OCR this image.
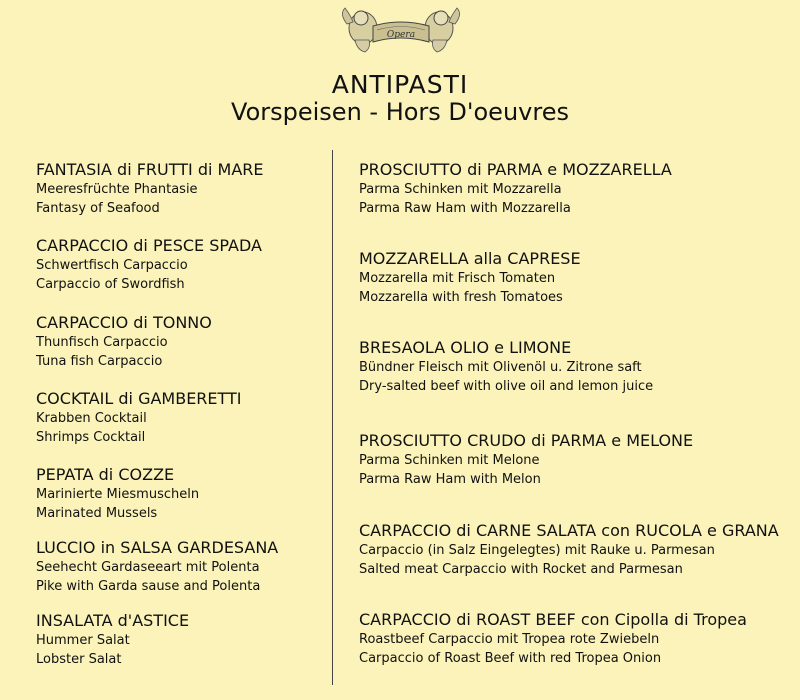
Opera
ANTIPASTI
Vorspeisen - Hors D'oeuvres
FANTASIA di FRUTTI di MARE
Meeresfrüchte Phantasie
Fantasy of Seafood
CARPACCIO di PESCE SPADA
Schwertfisch Carpaccio
Carpaccio of Swordfish
CARPACCIO di TONNO
Thunfisch Carpaccio
Tuna fish Carpaccio
COCKTAIL di GAMBERETTI
Krabben Cocktail
Shrimps Cocktail
PEPATA di COZZE
Marinierte Miesmuscheln
Marinated Mussels
LUCCIO in SALSA GARDESANA
Seehecht Gardaseeart mit Polenta
Pike with Garda sause and Polenta
INSALATA d'ASTICE
Hummer Salat
Lobster Salat
PROSCIUTTO di PARMA e MOZZARELLA
Parma Schinken mit Mozzarella
Parma Raw Ham with Mozzarella
MOZZARELLA alla CAPRESE
Mozzarella mit Frisch Tomaten
Mozzarella with fresh Tomatoes
BRESAOLA OLIO e LIMONE
Bündner Fleisch mit Olivenöl u. Zitrone saft
Dry-salted beef with olive oil and lemon juice
PROSCIUTTO CRUDO di PARMA e MELONE
Parma Schinken mit Melone
Parma Raw Ham with Melon
CARPACCIO di CARNE SALATA con RUCOLA e GRANA
Carpaccio (in Salz Eingelegtes) mit Rauke u. Parmesan
Salted meat Carpaccio with Rocket and Parmesan
CARPACCIO di ROAST BEEF con Cipolla di Tropea
Roastbeef Carpaccio mit Tropea rote Zwiebeln
Carpaccio of Roast Beef with red Tropea Onion
